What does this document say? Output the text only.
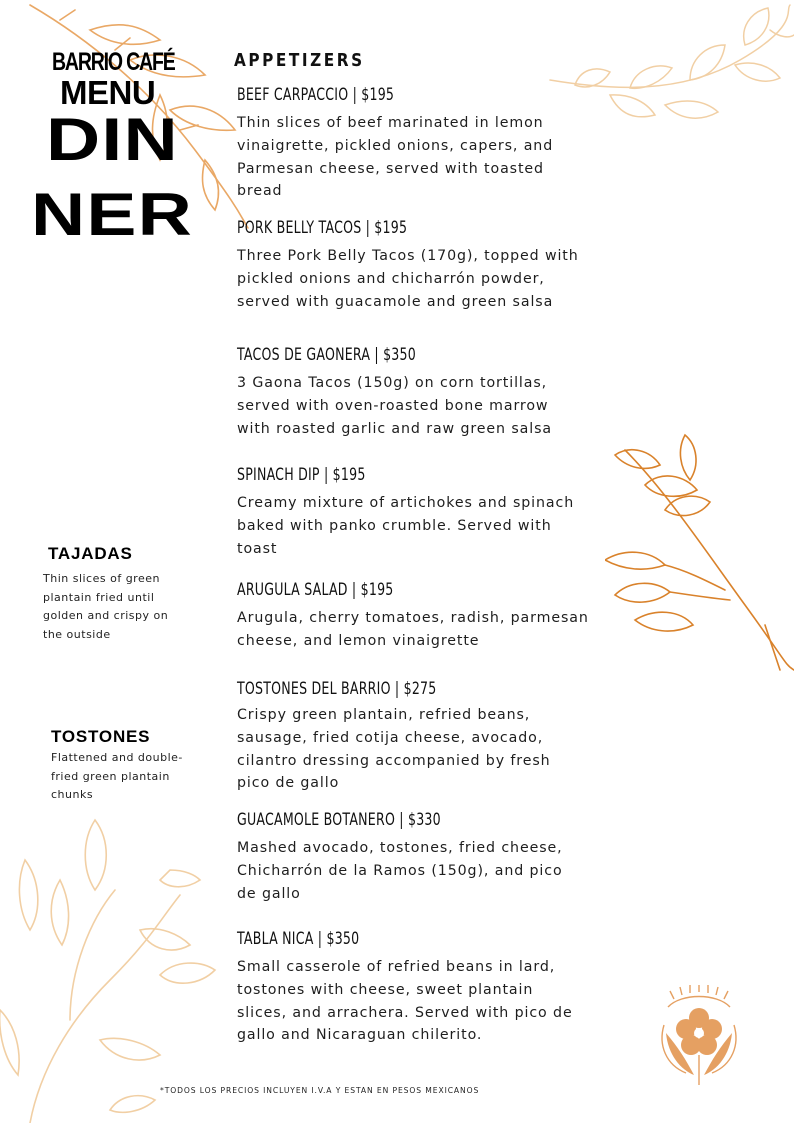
BARRIO CAFÉ
MENU
DIN
NER
APPETIZERS
BEEF CARPACCIO | $195
Thin slices of beef marinated in lemon
vinaigrette, pickled onions, capers, and
Parmesan cheese, served with toasted
bread
PORK BELLY TACOS | $195
Three Pork Belly Tacos (170g), topped with
pickled onions and chicharrón powder,
served with guacamole and green salsa
TACOS DE GAONERA | $350
3 Gaona Tacos (150g) on corn tortillas,
served with oven-roasted bone marrow
with roasted garlic and raw green salsa
SPINACH DIP | $195
Creamy mixture of artichokes and spinach
baked with panko crumble. Served with
toast
ARUGULA SALAD | $195
Arugula, cherry tomatoes, radish, parmesan
cheese, and lemon vinaigrette
TOSTONES DEL BARRIO | $275
Crispy green plantain, refried beans,
sausage, fried cotija cheese, avocado,
cilantro dressing accompanied by fresh
pico de gallo
GUACAMOLE BOTANERO | $330
Mashed avocado, tostones, fried cheese,
Chicharrón de la Ramos (150g), and pico
de gallo
TABLA NICA | $350
Small casserole of refried beans in lard,
tostones with cheese, sweet plantain
slices, and arrachera. Served with pico de
gallo and Nicaraguan chilerito.
TAJADAS
Thin slices of green
plantain fried until
golden and crispy on
the outside
TOSTONES
Flattened and double-
fried green plantain
chunks
*TODOS LOS PRECIOS INCLUYEN I.V.A Y ESTAN EN PESOS MEXICANOS
